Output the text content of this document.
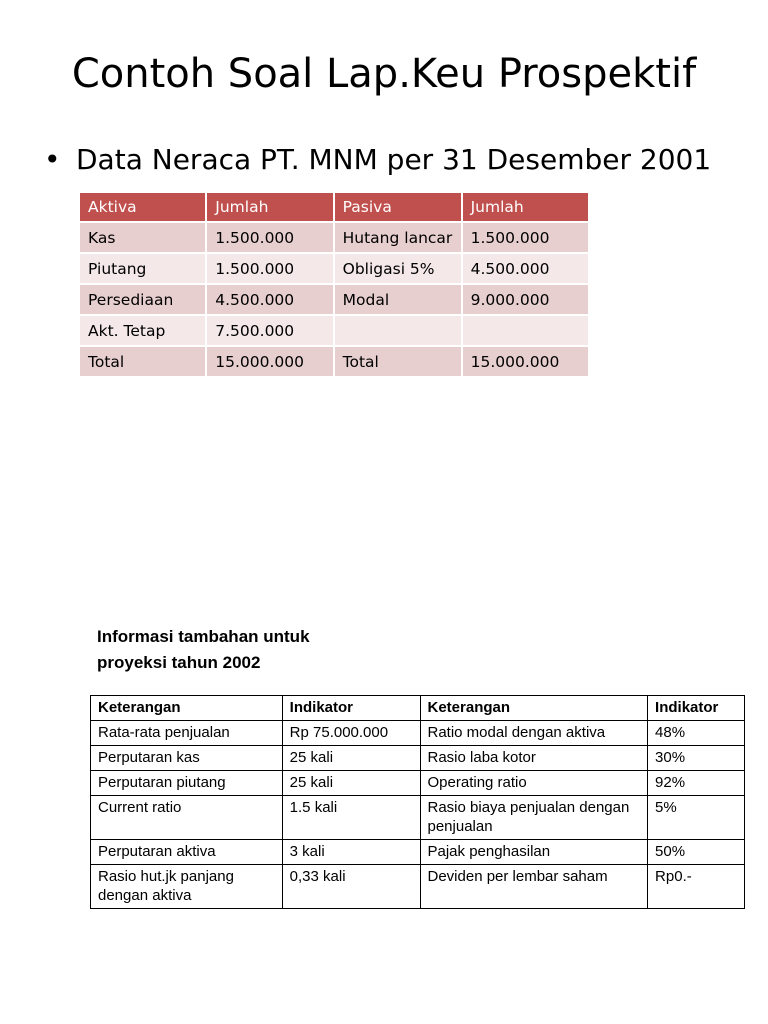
Contoh Soal Lap.Keu Prospektif
• Data Neraca PT. MNM per 31 Desember 2001
Aktiva	Jumlah	Pasiva	Jumlah
Kas	1.500.000	Hutang lancar	1.500.000
Piutang	1.500.000	Obligasi 5%	4.500.000
Persediaan	4.500.000	Modal	9.000.000
Akt. Tetap	7.500.000		
Total	15.000.000	Total	15.000.000
Informasi tambahan untuk
proyeksi tahun 2002
Keterangan	Indikator	Keterangan	Indikator
Rata-rata penjualan	Rp 75.000.000	Ratio modal dengan aktiva	48%
Perputaran kas	25 kali	Rasio laba kotor	30%
Perputaran piutang	25 kali	Operating ratio	92%
Current ratio	1.5 kali	Rasio biaya penjualan dengan penjualan	5%
Perputaran aktiva	3 kali	Pajak penghasilan	50%
Rasio hut.jk panjang dengan aktiva	0,33 kali	Deviden per lembar saham	Rp0.-
